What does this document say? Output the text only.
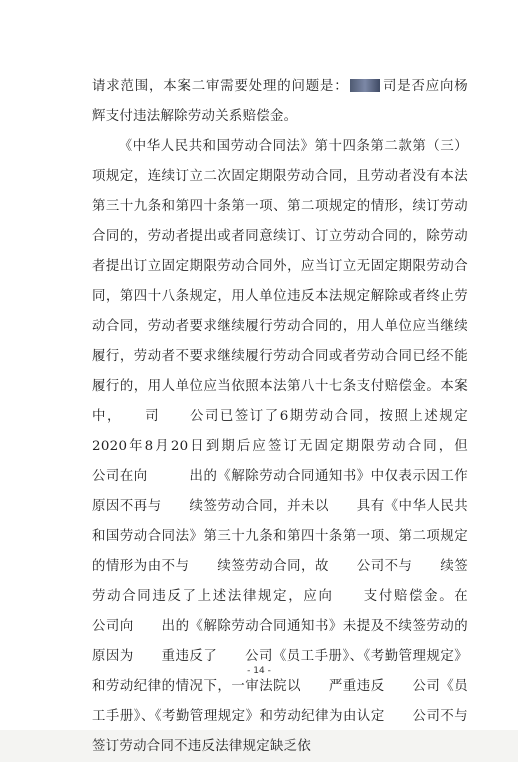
请求范围，本案二审需要处理的问题是：	司是否应向杨辉支付违法解除劳动关系赔偿金。

《中华人民共和国劳动合同法》第十四条第二款第（三）项规定，连续订立二次固定期限劳动合同，且劳动者没有本法第三十九条和第四十条第一项、第二项规定的情形，续订劳动合同的，劳动者提出或者同意续订、订立劳动合同的，除劳动者提出订立固定期限劳动合同外，应当订立无固定期限劳动合同，第四十八条规定，用人单位违反本法规定解除或者终止劳动合同，劳动者要求继续履行劳动合同的，用人单位应当继续履行，劳动者不要求继续履行劳动合同或者劳动合同已经不能履行的，用人单位应当依照本法第八十七条支付赔偿金。本案中，　　司　　公司已签订了6期劳动合同，按照上述规定2020年8月20日到期后应签订无固定期限劳动合同，但　　公司在向　　　出的《解除劳动合同通知书》中仅表示因工作原因不再与　　续签劳动合同，并未以　　具有《中华人民共和国劳动合同法》第三十九条和第四十条第一项、第二项规定的情形为由不与　　续签劳动合同，故　　公司不与　　续签劳动合同违反了上述法律规定，应向　　支付赔偿金。在　　公司向　　出的《解除劳动合同通知书》未提及不续签劳动的原因为　　重违反了　　公司《员工手册》、《考勤管理规定》和劳动纪律的情况下，一审法院以　　严重违反　　公司《员工手册》、《考勤管理规定》和劳动纪律为由认定　　公司不与　　签订劳动合同不违反法律规定缺乏依

- 14 -
